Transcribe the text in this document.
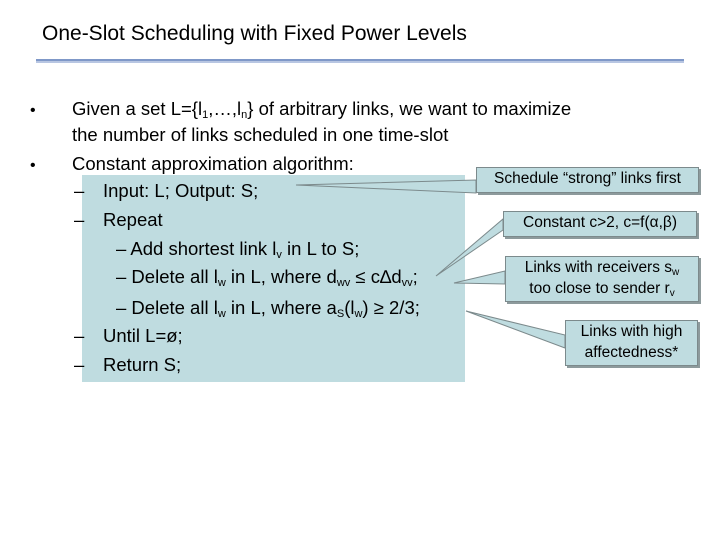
One-Slot Scheduling with Fixed Power Levels
• Given a set $L=\{l_1,\dots,l_n\}$ of arbitrary links, we want to maximize
the number of links scheduled in one time-slot
• Constant approximation algorithm:
– Input: L; Output: S;
– Repeat
– Add shortest link $l_v$ in L to S;
– Delete all $l_w$ in L, where $d_{wv} \le c\Delta d_{vv}$;
– Delete all $l_w$ in L, where $a_S(l_w) \ge 2/3$;
– Until L=ø;
– Return S;
Schedule “strong” links first
Constant c>2, c=f(α,β)
Links with receivers $s_w$
too close to sender $r_v$
Links with high
affectedness*
